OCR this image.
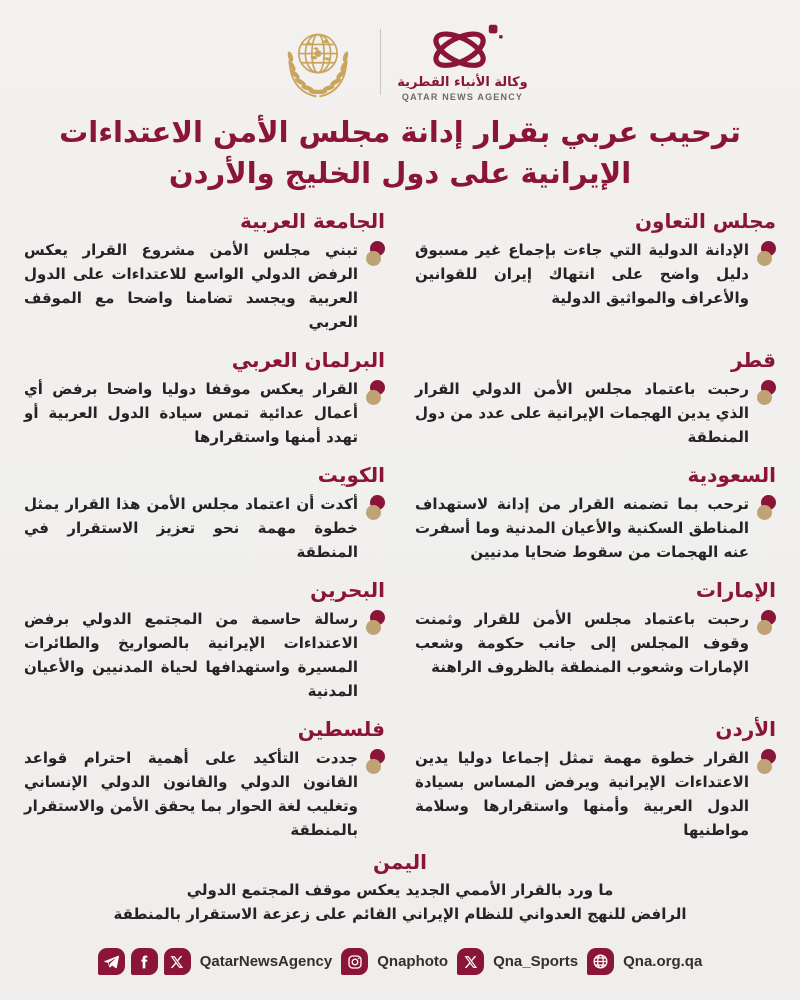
وكالة الأنباء القطرية
QATAR NEWS AGENCY
ترحيب عربي بقرار إدانة مجلس الأمن الاعتداءات
الإيرانية على دول الخليج والأردن
مجلس التعاون

الإدانة الدولية التي جاءت بإجماع غير مسبوق دليل واضح على انتهاك إيران للقوانين والأعراف والمواثيق الدولية

الجامعة العربية

تبني مجلس الأمن مشروع القرار يعكس الرفض الدولي الواسع للاعتداءات على الدول العربية ويجسد تضامنا واضحا مع الموقف العربي

قطر

رحبت باعتماد مجلس الأمن الدولي القرار الذي يدين الهجمات الإيرانية على عدد من دول المنطقة

البرلمان العربي

القرار يعكس موقفا دوليا واضحا برفض أي أعمال عدائية تمس سيادة الدول العربية أو تهدد أمنها واستقرارها

السعودية

ترحب بما تضمنه القرار من إدانة لاستهداف المناطق السكنية والأعيان المدنية وما أسفرت عنه الهجمات من سقوط ضحايا مدنيين

الكويت

أكدت أن اعتماد مجلس الأمن هذا القرار يمثل خطوة مهمة نحو تعزيز الاستقرار في المنطقة

الإمارات

رحبت باعتماد مجلس الأمن للقرار وثمنت وقوف المجلس إلى جانب حكومة وشعب الإمارات وشعوب المنطقة بالظروف الراهنة

البحرين

رسالة حاسمة من المجتمع الدولي برفض الاعتداءات الإيرانية بالصواريخ والطائرات المسيرة واستهدافها لحياة المدنيين والأعيان المدنية

الأردن

القرار خطوة مهمة تمثل إجماعا دوليا يدين الاعتداءات الإيرانية ويرفض المساس بسيادة الدول العربية وأمنها واستقرارها وسلامة مواطنيها

فلسطين

جددت التأكيد على أهمية احترام قواعد القانون الدولي والقانون الدولي الإنساني وتغليب لغة الحوار بما يحقق الأمن والاستقرار بالمنطقة

اليمن

ما ورد بالقرار الأممي الجديد يعكس موقف المجتمع الدولي

الرافض للنهج العدواني للنظام الإيراني القائم على زعزعة الاستقرار بالمنطقة

QatarNewsAgency	Qnaphoto	Qna_Sports	Qna.org.qa
